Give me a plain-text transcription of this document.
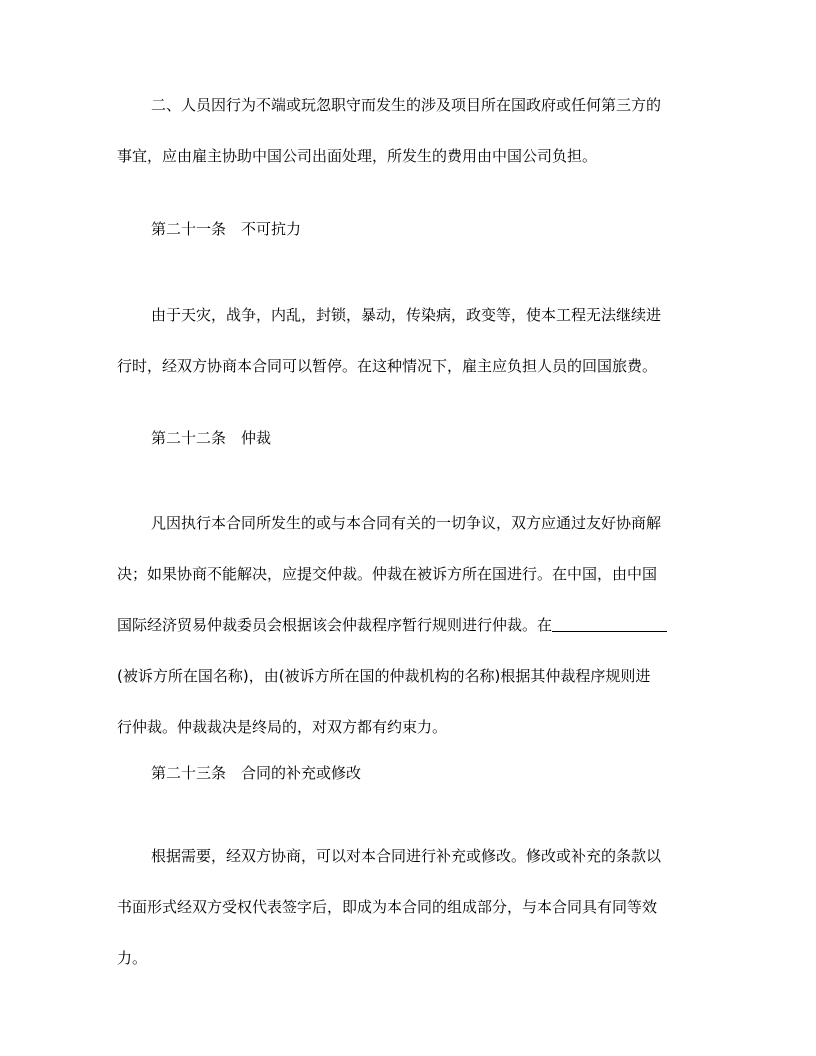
二、人员因行为不端或玩忽职守而发生的涉及项目所在国政府或任何第三方的
事宜，应由雇主协助中国公司出面处理，所发生的费用由中国公司负担。
第二十一条　不可抗力
由于天灾，战争，内乱，封锁，暴动，传染病，政变等，使本工程无法继续进
行时，经双方协商本合同可以暂停。在这种情况下，雇主应负担人员的回国旅费。
第二十二条　仲裁
凡因执行本合同所发生的或与本合同有关的一切争议，双方应通过友好协商解
决；如果协商不能解决，应提交仲裁。仲裁在被诉方所在国进行。在中国，由中国
国际经济贸易仲裁委员会根据该会仲裁程序暂行规则进行仲裁。在
(被诉方所在国名称)，由(被诉方所在国的仲裁机构的名称)根据其仲裁程序规则进
行仲裁。仲裁裁决是终局的，对双方都有约束力。
第二十三条　合同的补充或修改
根据需要，经双方协商，可以对本合同进行补充或修改。修改或补充的条款以
书面形式经双方受权代表签字后，即成为本合同的组成部分，与本合同具有同等效
力。
